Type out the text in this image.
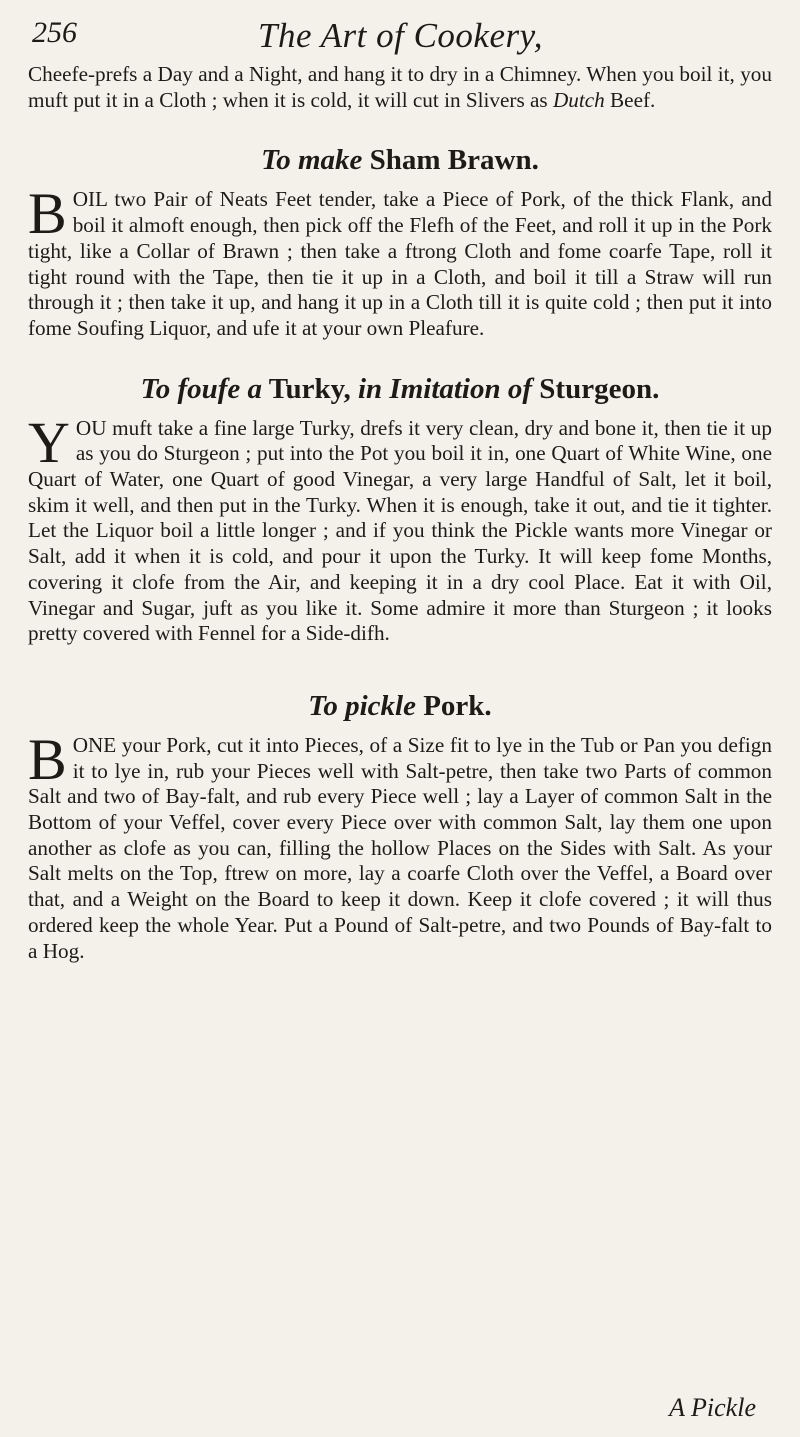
256	The Art of Cookery,

Cheefe-prefs a Day and a Night, and hang it to dry in a Chimney. When you boil it, you muft put it in a Cloth ; when it is cold, it will cut in Slivers as Dutch Beef.

To make Sham Brawn.

BOIL two Pair of Neats Feet tender, take a Piece of Pork, of the thick Flank, and boil it almoft enough, then pick off the Flefh of the Feet, and roll it up in the Pork tight, like a Collar of Brawn ; then take a ftrong Cloth and fome coarfe Tape, roll it tight round with the Tape, then tie it up in a Cloth, and boil it till a Straw will run through it ; then take it up, and hang it up in a Cloth till it is quite cold ; then put it into fome Soufing Liquor, and ufe it at your own Pleafure.

To foufe a Turky, in Imitation of Sturgeon.

YOU muft take a fine large Turky, drefs it very clean, dry and bone it, then tie it up as you do Sturgeon ; put into the Pot you boil it in, one Quart of White Wine, one Quart of Water, one Quart of good Vinegar, a very large Handful of Salt, let it boil, skim it well, and then put in the Turky. When it is enough, take it out, and tie it tighter. Let the Liquor boil a little longer ; and if you think the Pickle wants more Vinegar or Salt, add it when it is cold, and pour it upon the Turky. It will keep fome Months, covering it clofe from the Air, and keeping it in a dry cool Place. Eat it with Oil, Vinegar and Sugar, juft as you like it. Some admire it more than Sturgeon ; it looks pretty covered with Fennel for a Side-difh.

To pickle Pork.

BONE your Pork, cut it into Pieces, of a Size fit to lye in the Tub or Pan you defign it to lye in, rub your Pieces well with Salt-petre, then take two Parts of common Salt and two of Bay-falt, and rub every Piece well ; lay a Layer of common Salt in the Bottom of your Veffel, cover every Piece over with common Salt, lay them one upon another as clofe as you can, filling the hollow Places on the Sides with Salt. As your Salt melts on the Top, ftrew on more, lay a coarfe Cloth over the Veffel, a Board over that, and a Weight on the Board to keep it down. Keep it clofe covered ; it will thus ordered keep the whole Year. Put a Pound of Salt-petre, and two Pounds of Bay-falt to a Hog.

A Pickle
